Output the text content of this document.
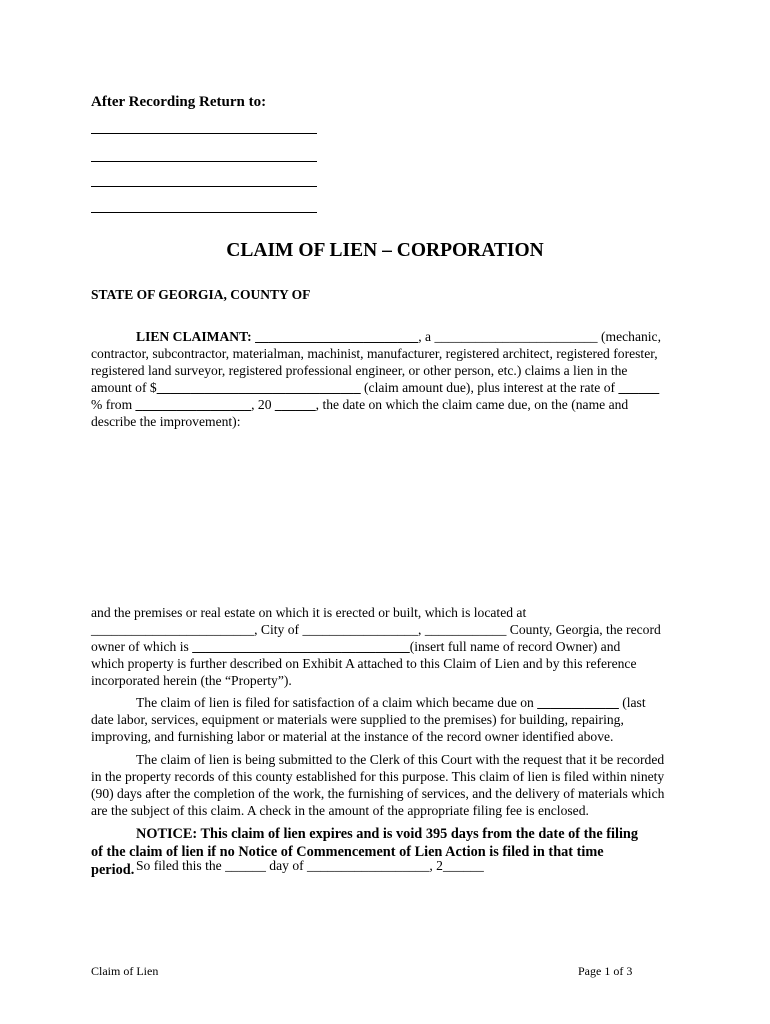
After Recording Return to:
CLAIM OF LIEN – CORPORATION
STATE OF GEORGIA, COUNTY OF

LIEN CLAIMANT: ________________________, a ________________________ (mechanic,

contractor, subcontractor, materialman, machinist, manufacturer, registered architect, registered forester,

registered land surveyor, registered professional engineer, or other person, etc.) claims a lien in the

amount of $______________________________ (claim amount due), plus interest at the rate of ______

% from _________________, 20 ______, the date on which the claim came due, on the (name and

describe the improvement):

and the premises or real estate on which it is erected or built, which is located at

________________________, City of _________________, ____________ County, Georgia, the record

owner of which is ________________________________(insert full name of record Owner) and

which property is further described on Exhibit A attached to this Claim of Lien and by this reference

incorporated herein (the “Property”).

The claim of lien is filed for satisfaction of a claim which became due on ____________ (last

date labor, services, equipment or materials were supplied to the premises) for building, repairing,

improving, and furnishing labor or material at the instance of the record owner identified above.

The claim of lien is being submitted to the Clerk of this Court with the request that it be recorded

in the property records of this county established for this purpose. This claim of lien is filed within ninety

(90) days after the completion of the work, the furnishing of services, and the delivery of materials which

are the subject of this claim. A check in the amount of the appropriate filing fee is enclosed.

NOTICE: This claim of lien expires and is void 395 days from the date of the filing

of the claim of lien if no Notice of Commencement of Lien Action is filed in that time

period. So filed this the ______ day of __________________, 2______

Claim of Lien	Page 1 of 3
